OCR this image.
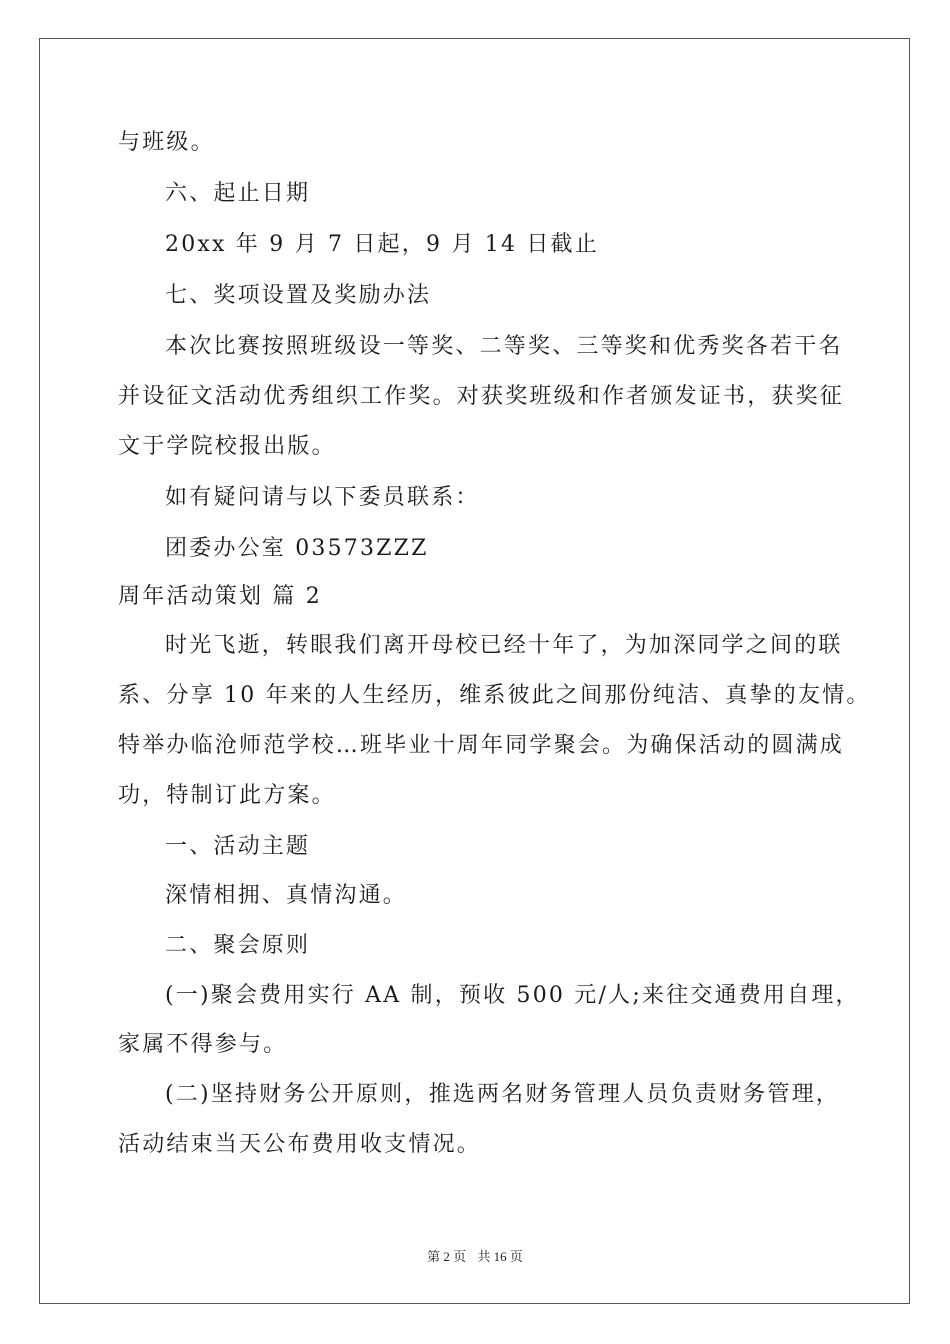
与班级。
六、起止日期
20xx 年 9 月 7 日起，9 月 14 日截止
七、奖项设置及奖励办法
本次比赛按照班级设一等奖、二等奖、三等奖和优秀奖各若干名
并设征文活动优秀组织工作奖。对获奖班级和作者颁发证书，获奖征
文于学院校报出版。
如有疑问请与以下委员联系：
团委办公室 03573ZZZ
周年活动策划 篇 2
时光飞逝，转眼我们离开母校已经十年了，为加深同学之间的联
系、分享 10 年来的人生经历，维系彼此之间那份纯洁、真挚的友情。
特举办临沧师范学校…班毕业十周年同学聚会。为确保活动的圆满成
功，特制订此方案。
一、活动主题
深情相拥、真情沟通。
二、聚会原则
(一)聚会费用实行 AA 制，预收 500 元/人;来往交通费用自理，
家属不得参与。
(二)坚持财务公开原则，推选两名财务管理人员负责财务管理，
活动结束当天公布费用收支情况。
第 2 页 共 16 页
